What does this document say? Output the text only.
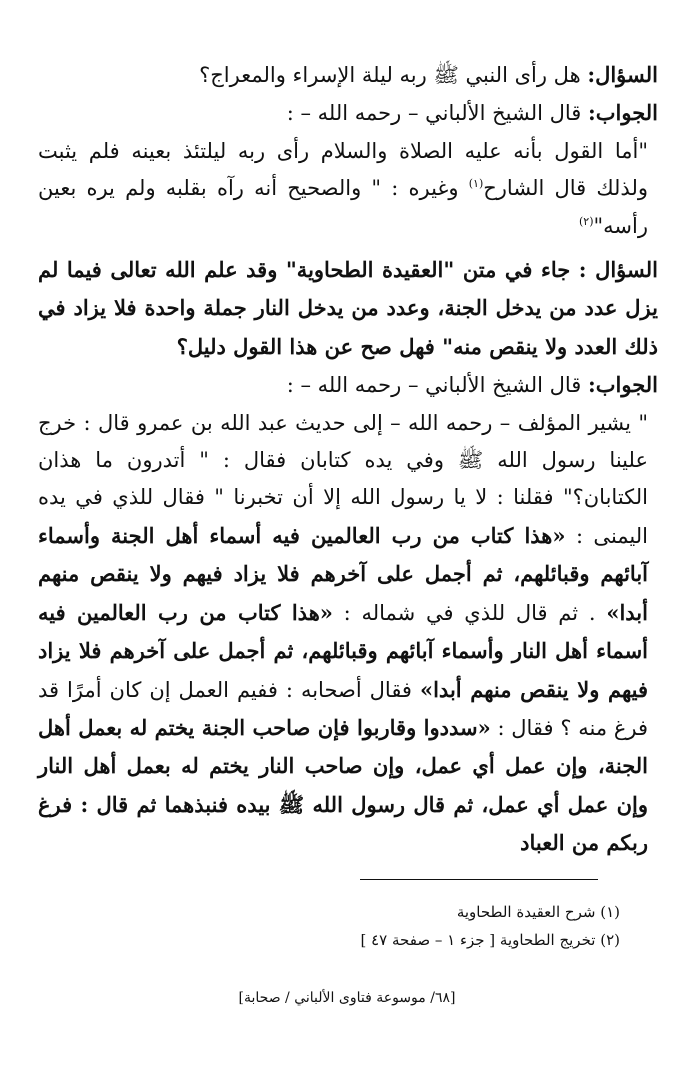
السؤال: هل رأى النبي ﷺ ربه ليلة الإسراء والمعراج؟

الجواب: قال الشيخ الألباني – رحمه الله – :

"أما القول بأنه عليه الصلاة والسلام رأى ربه ليلتئذ بعينه فلم يثبت ولذلك قال الشارح$^{(١)}$ وغيره : " والصحيح أنه رآه بقلبه ولم يره بعين رأسه"$^{(٢)}$

السؤال : جاء في متن "العقيدة الطحاوية" وقد علم الله تعالى فيما لم يزل عدد من يدخل الجنة، وعدد من يدخل النار جملة واحدة فلا يزاد في ذلك العدد ولا ينقص منه" فهل صح عن هذا القول دليل؟

الجواب: قال الشيخ الألباني – رحمه الله – :

" يشير المؤلف – رحمه الله – إلى حديث عبد الله بن عمرو قال : خرج علينا رسول الله ﷺ وفي يده كتابان فقال : " أتدرون ما هذان الكتابان؟" فقلنا : لا يا رسول الله إلا أن تخبرنا " فقال للذي في يده اليمنى : «هذا كتاب من رب العالمين فيه أسماء أهل الجنة وأسماء آبائهم وقبائلهم، ثم أجمل على آخرهم فلا يزاد فيهم ولا ينقص منهم أبدا» . ثم قال للذي في شماله : «هذا كتاب من رب العالمين فيه أسماء أهل النار وأسماء آبائهم وقبائلهم، ثم أجمل على آخرهم فلا يزاد فيهم ولا ينقص منهم أبدا» فقال أصحابه : ففيم العمل إن كان أمرًا قد فرغ منه ؟ فقال : «سددوا وقاربوا فإن صاحب الجنة يختم له بعمل أهل الجنة، وإن عمل أي عمل، وإن صاحب النار يختم له بعمل أهل النار وإن عمل أي عمل، ثم قال رسول الله ﷺ بيده فنبذهما ثم قال : فرغ ربكم من العباد

(١) شرح العقيدة الطحاوية
(٢) تخريج الطحاوية [ جزء ١ – صفحة ٤٧ ]
[٦٨/ موسوعة فتاوى الألباني / صحابة]
